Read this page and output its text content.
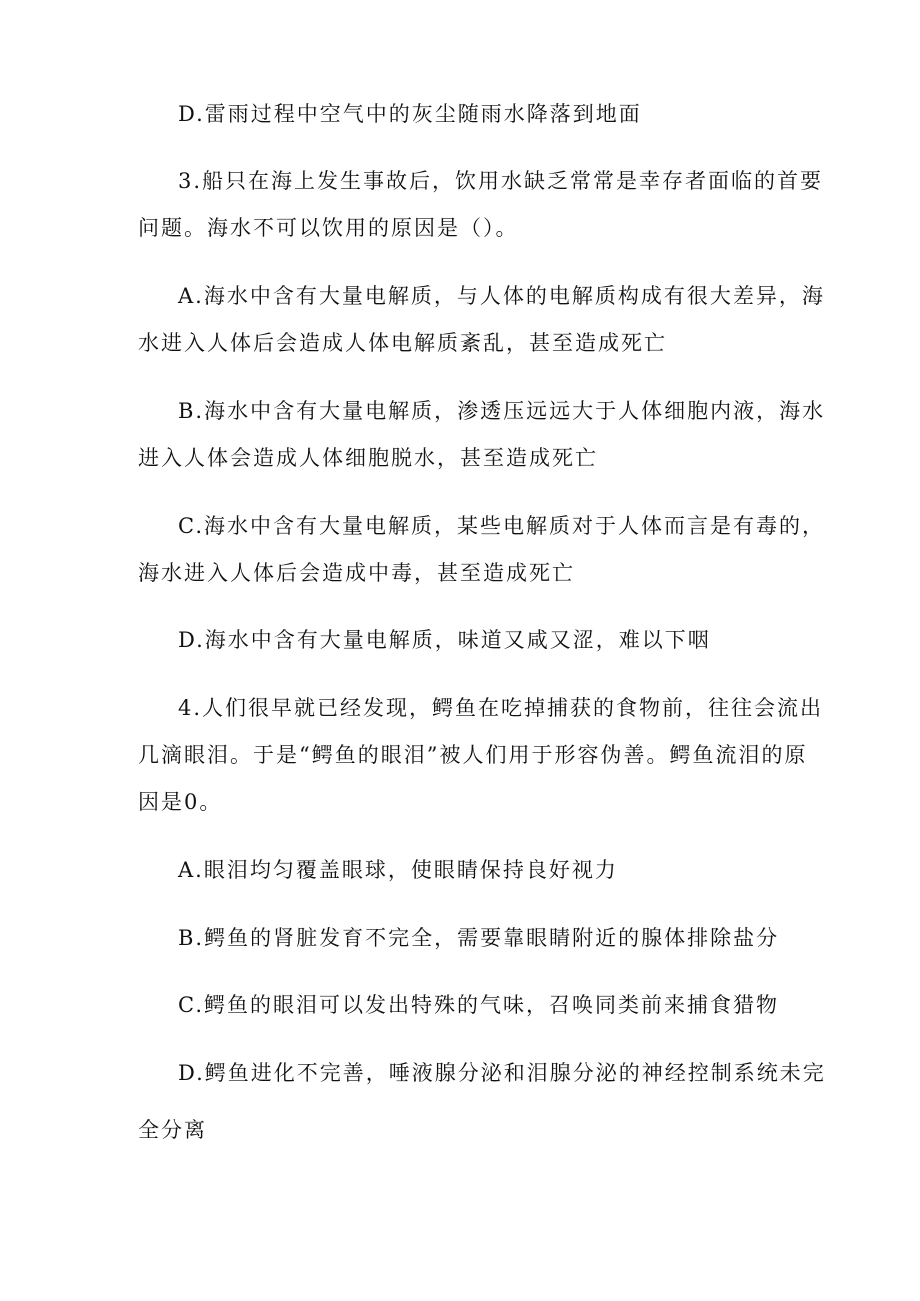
D.雷雨过程中空气中的灰尘随雨水降落到地面
3.船只在海上发生事故后，饮用水缺乏常常是幸存者面临的首要
问题。海水不可以饮用的原因是（）。
A.海水中含有大量电解质，与人体的电解质构成有很大差异，海
水进入人体后会造成人体电解质紊乱，甚至造成死亡
B.海水中含有大量电解质，渗透压远远大于人体细胞内液，海水
进入人体会造成人体细胞脱水，甚至造成死亡
C.海水中含有大量电解质，某些电解质对于人体而言是有毒的，
海水进入人体后会造成中毒，甚至造成死亡
D.海水中含有大量电解质，味道又咸又涩，难以下咽
4.人们很早就已经发现，鳄鱼在吃掉捕获的食物前，往往会流出
几滴眼泪。于是“鳄鱼的眼泪”被人们用于形容伪善。鳄鱼流泪的原
因是0。
A.眼泪均匀覆盖眼球，使眼睛保持良好视力
B.鳄鱼的肾脏发育不完全，需要靠眼睛附近的腺体排除盐分
C.鳄鱼的眼泪可以发出特殊的气味，召唤同类前来捕食猎物
D.鳄鱼进化不完善，唾液腺分泌和泪腺分泌的神经控制系统未完
全分离
